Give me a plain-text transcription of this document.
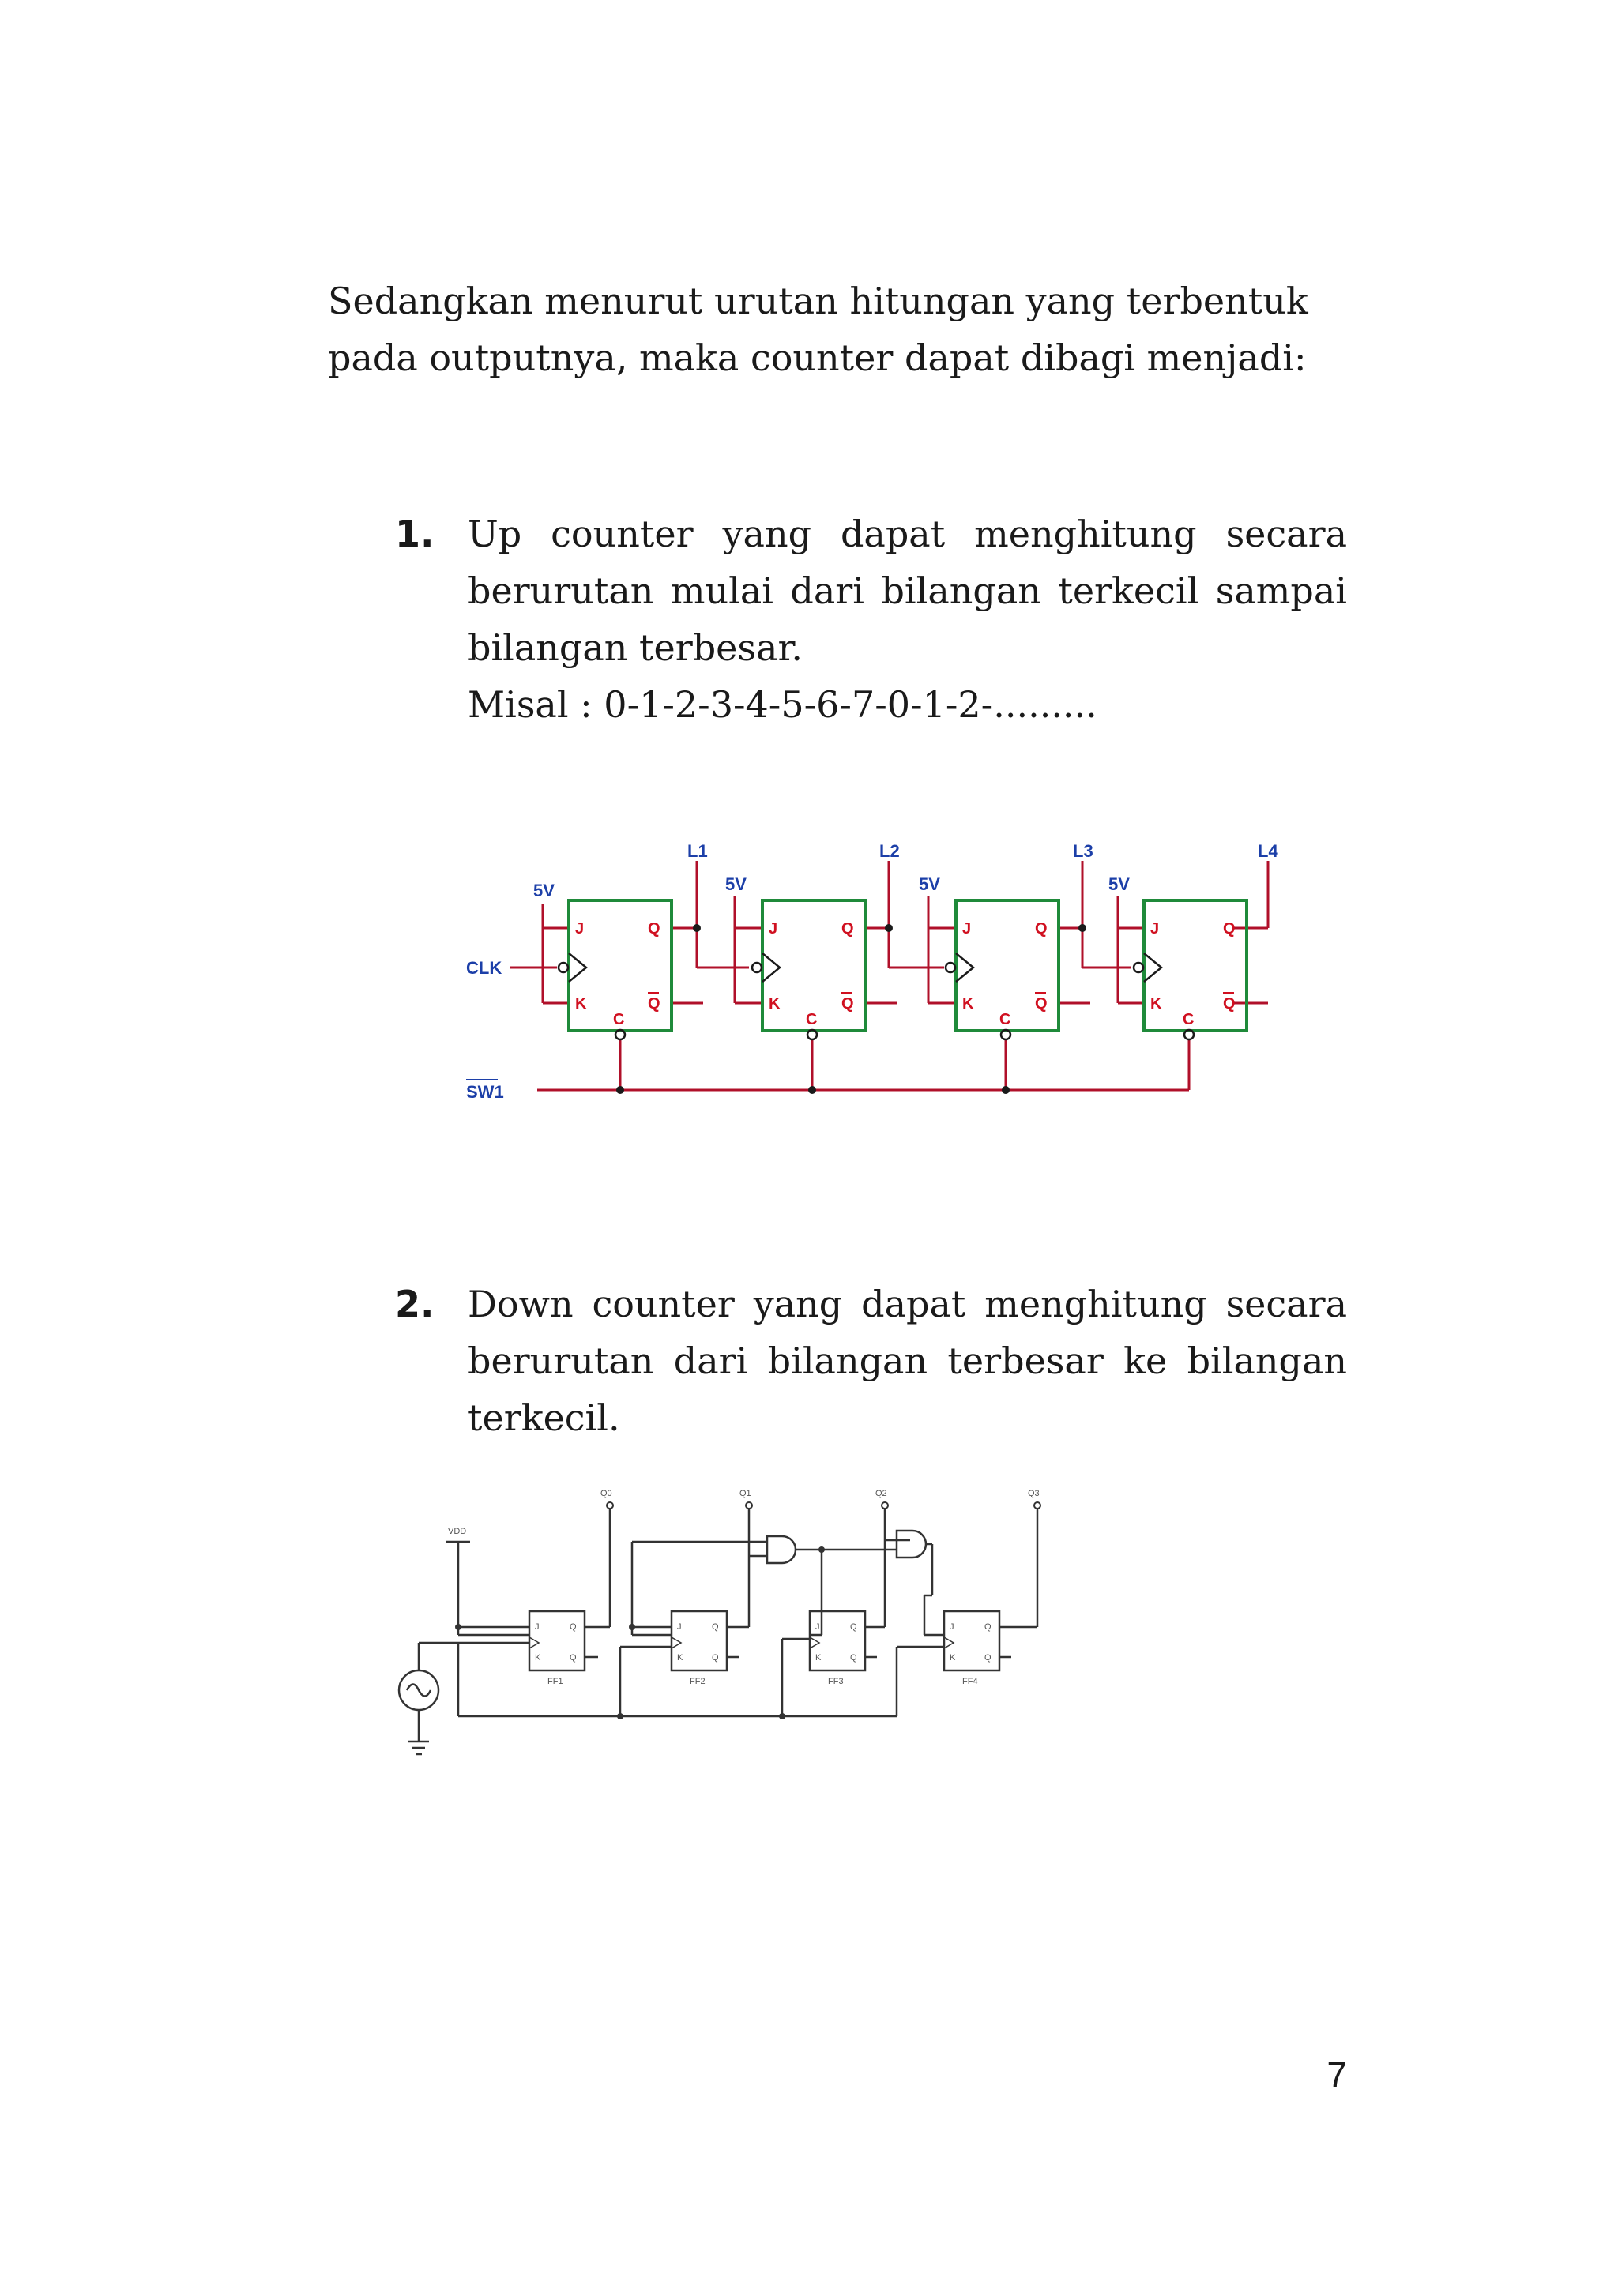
Sedangkan menurut urutan hitungan yang terbentuk
pada outputnya, maka counter dapat dibagi menjadi:
1. Up counter yang dapat menghitung secara berurutan mulai dari bilangan terkecil sampai bilangan terbesar.
Misal : 0-1-2-3-4-5-6-7-0-1-2-.........
J
K
Q
Q
C
J
K
Q
Q
C
J
K
Q
Q
C
J
K
Q
Q
C
CLK
SW1
5V	5V	5V	5V
L1	L2	L3	L4
2. Down counter yang dapat menghitung secara berurutan dari bilangan terbesar ke bilangan terkecil.
Q0	Q1	Q2	Q3
VDD
FF1	FF2	FF3	FF4
J
K
Q
Q
J
K
Q
Q
J
K
Q
Q
J
K
Q
Q
7
